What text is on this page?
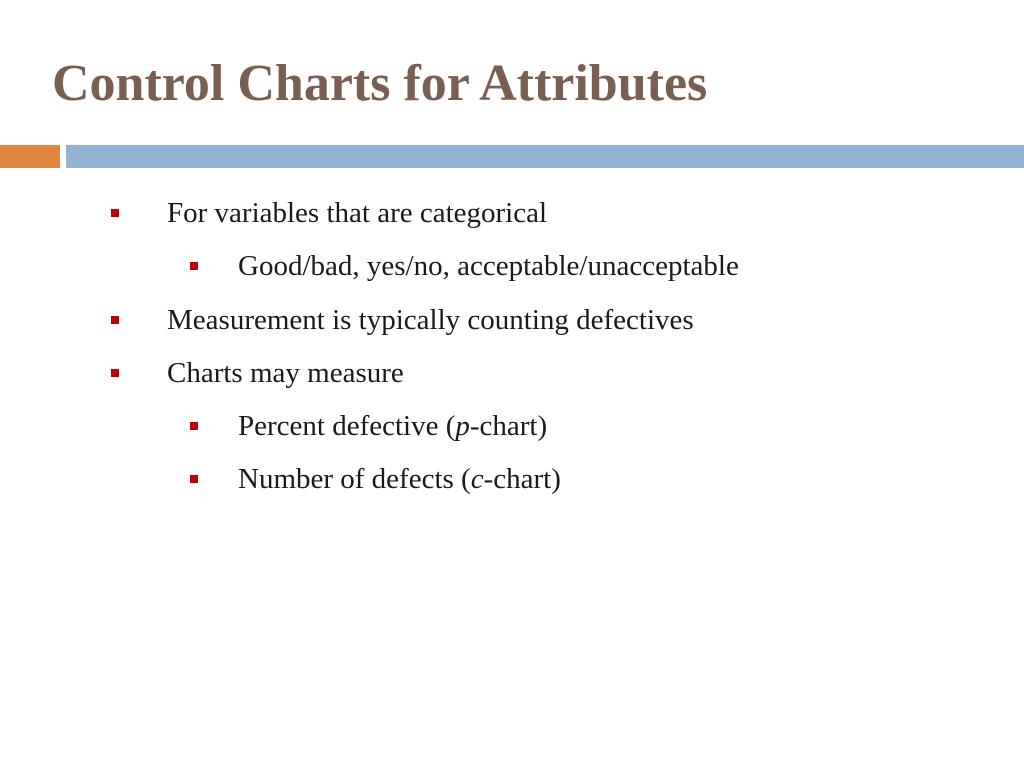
Control Charts for Attributes
For variables that are categorical
Good/bad, yes/no, acceptable/unacceptable
Measurement is typically counting defectives
Charts may measure
Percent defective (p-chart)
Number of defects (c-chart)
